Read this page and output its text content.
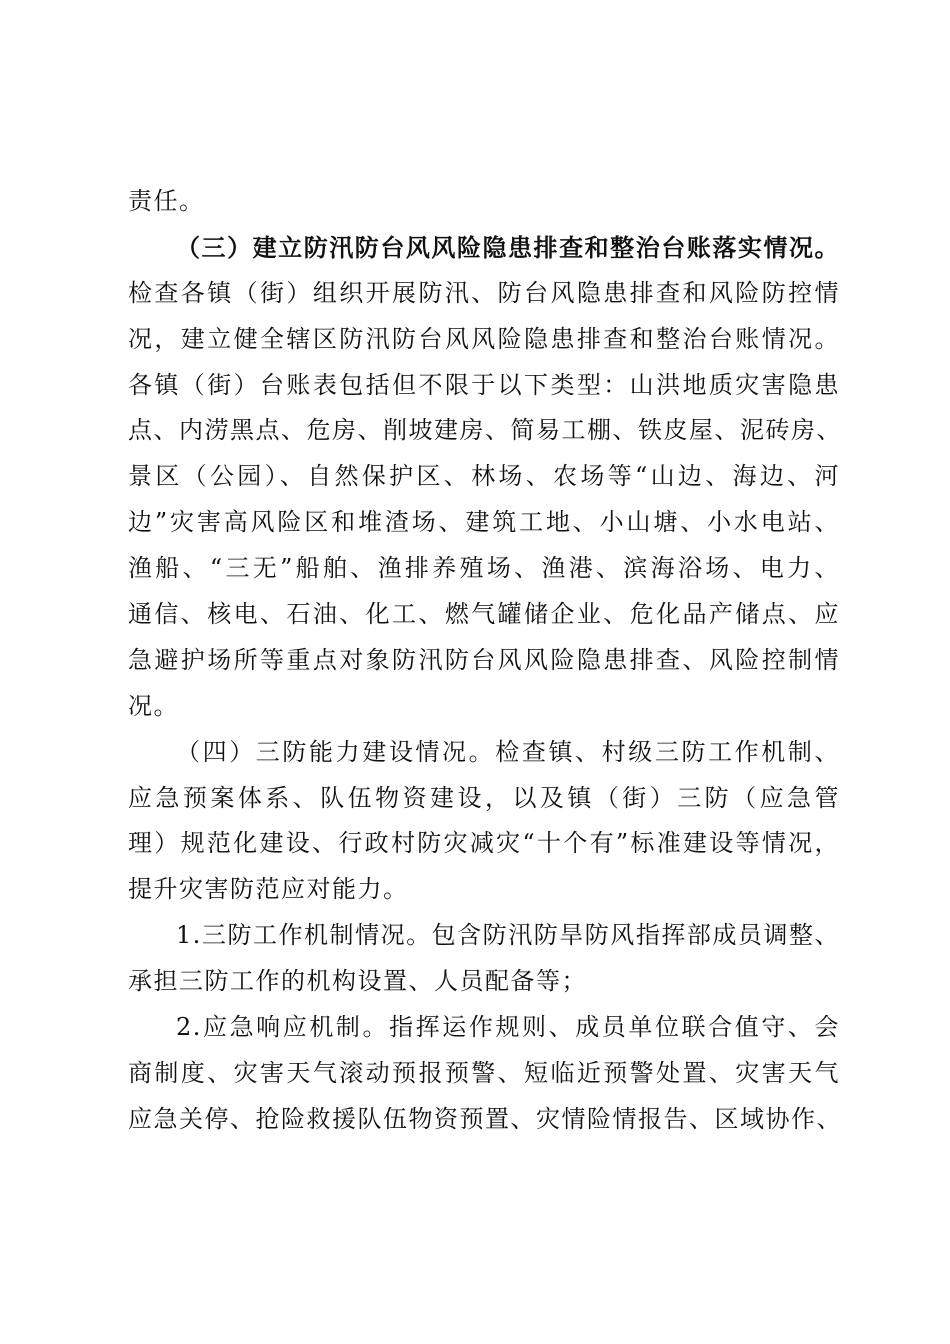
责任。
（三）建立防汛防台风风险隐患排查和整治台账落实情况。
检查各镇（街）组织开展防汛、防台风隐患排查和风险防控情
况，建立健全辖区防汛防台风风险隐患排查和整治台账情况。
各镇（街）台账表包括但不限于以下类型：山洪地质灾害隐患
点、内涝黑点、危房、削坡建房、简易工棚、铁皮屋、泥砖房、
景区（公园）、自然保护区、林场、农场等“山边、海边、河
边”灾害高风险区和堆渣场、建筑工地、小山塘、小水电站、
渔船、“三无”船舶、渔排养殖场、渔港、滨海浴场、电力、
通信、核电、石油、化工、燃气罐储企业、危化品产储点、应
急避护场所等重点对象防汛防台风风险隐患排查、风险控制情
况。
（四）三防能力建设情况。检查镇、村级三防工作机制、
应急预案体系、队伍物资建设，以及镇（街）三防（应急管
理）规范化建设、行政村防灾减灾“十个有”标准建设等情况，
提升灾害防范应对能力。
1.三防工作机制情况。包含防汛防旱防风指挥部成员调整、
承担三防工作的机构设置、人员配备等；
2.应急响应机制。指挥运作规则、成员单位联合值守、会
商制度、灾害天气滚动预报预警、短临近预警处置、灾害天气
应急关停、抢险救援队伍物资预置、灾情险情报告、区域协作、
